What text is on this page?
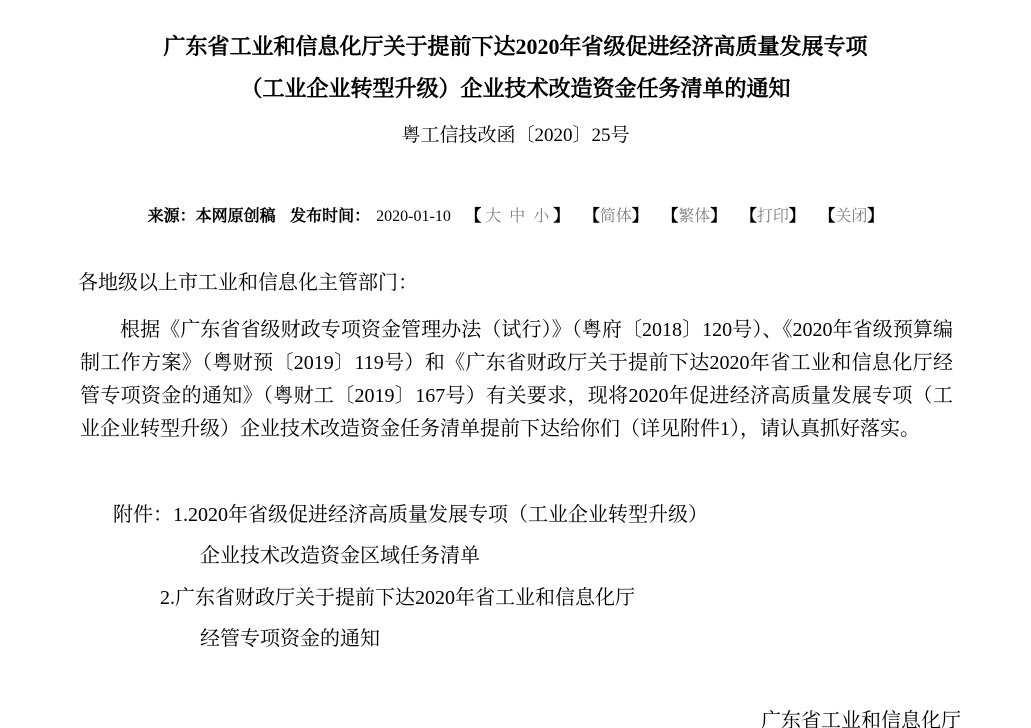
广东省工业和信息化厅关于提前下达2020年省级促进经济高质量发展专项
（工业企业转型升级）企业技术改造资金任务清单的通知
粤工信技改函〔2020〕25号
来源：本网原创稿 发布时间： 2020-01-10 【 大 中 小 】 【简体】 【繁体】 【打印】 【关闭】
各地级以上市工业和信息化主管部门：
根据《广东省省级财政专项资金管理办法（试行）》（粤府〔2018〕120号）、《2020年省级预算编制工作方案》（粤财预〔2019〕119号）和《广东省财政厅关于提前下达2020年省工业和信息化厅经管专项资金的通知》（粤财工〔2019〕167号）有关要求，现将2020年促进经济高质量发展专项（工业企业转型升级）企业技术改造资金任务清单提前下达给你们（详见附件1），请认真抓好落实。
附件：1.2020年省级促进经济高质量发展专项（工业企业转型升级）
企业技术改造资金区域任务清单
2.广东省财政厅关于提前下达2020年省工业和信息化厅
经管专项资金的通知
广东省工业和信息化厅
